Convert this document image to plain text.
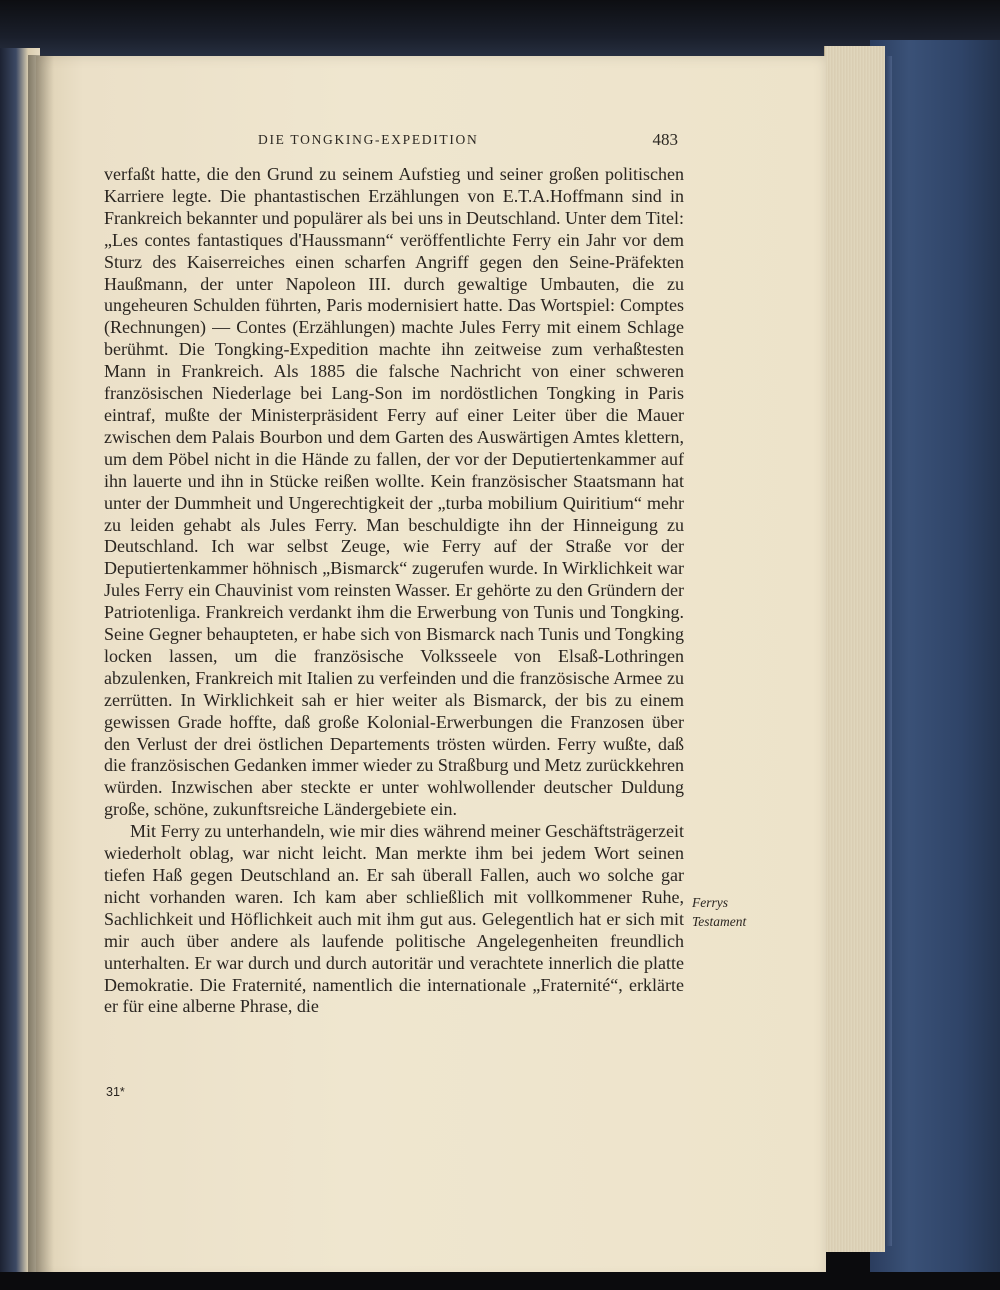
DIE TONGKING-EXPEDITION	483

verfaßt hatte, die den Grund zu seinem Aufstieg und seiner großen politischen Karriere legte. Die phantastischen Erzählungen von E.T.A.Hoffmann sind in Frankreich bekannter und populärer als bei uns in Deutschland. Unter dem Titel: „Les contes fantastiques d'Haussmann“ veröffentlichte Ferry ein Jahr vor dem Sturz des Kaiserreiches einen scharfen Angriff gegen den Seine-Präfekten Haußmann, der unter Napoleon III. durch gewaltige Umbauten, die zu ungeheuren Schulden führten, Paris modernisiert hatte. Das Wortspiel: Comptes (Rechnungen) — Contes (Erzählungen) machte Jules Ferry mit einem Schlage berühmt. Die Tongking-Expedition machte ihn zeitweise zum verhaßtesten Mann in Frankreich. Als 1885 die falsche Nachricht von einer schweren französischen Niederlage bei Lang-Son im nordöstlichen Tongking in Paris eintraf, mußte der Ministerpräsident Ferry auf einer Leiter über die Mauer zwischen dem Palais Bourbon und dem Garten des Auswärtigen Amtes klettern, um dem Pöbel nicht in die Hände zu fallen, der vor der Deputiertenkammer auf ihn lauerte und ihn in Stücke reißen wollte. Kein französischer Staatsmann hat unter der Dummheit und Ungerechtigkeit der „turba mobilium Quiritium“ mehr zu leiden gehabt als Jules Ferry. Man beschuldigte ihn der Hinneigung zu Deutschland. Ich war selbst Zeuge, wie Ferry auf der Straße vor der Deputiertenkammer höhnisch „Bismarck“ zugerufen wurde. In Wirklichkeit war Jules Ferry ein Chauvinist vom reinsten Wasser. Er gehörte zu den Gründern der Patriotenliga. Frankreich verdankt ihm die Erwerbung von Tunis und Tongking. Seine Gegner behaupteten, er habe sich von Bismarck nach Tunis und Tongking locken lassen, um die französische Volksseele von Elsaß-Lothringen abzulenken, Frankreich mit Italien zu verfeinden und die französische Armee zu zerrütten. In Wirklichkeit sah er hier weiter als Bismarck, der bis zu einem gewissen Grade hoffte, daß große Kolonial-Erwerbungen die Franzosen über den Verlust der drei östlichen Departements trösten würden. Ferry wußte, daß die französischen Gedanken immer wieder zu Straßburg und Metz zurückkehren würden. Inzwischen aber steckte er unter wohlwollender deutscher Duldung große, schöne, zukunftsreiche Ländergebiete ein.

Mit Ferry zu unterhandeln, wie mir dies während meiner Geschäftsträgerzeit wiederholt oblag, war nicht leicht. Man merkte ihm bei jedem Wort seinen tiefen Haß gegen Deutschland an. Er sah überall Fallen, auch wo solche gar nicht vorhanden waren. Ich kam aber schließlich mit vollkommener Ruhe, Sachlichkeit und Höflichkeit auch mit ihm gut aus. Gelegentlich hat er sich mit mir auch über andere als laufende politische Angelegenheiten freundlich unterhalten. Er war durch und durch autoritär und verachtete innerlich die platte Demokratie. Die Fraternité, namentlich die internationale „Fraternité“, erklärte er für eine alberne Phrase, die

Ferrys
Testament
31*
